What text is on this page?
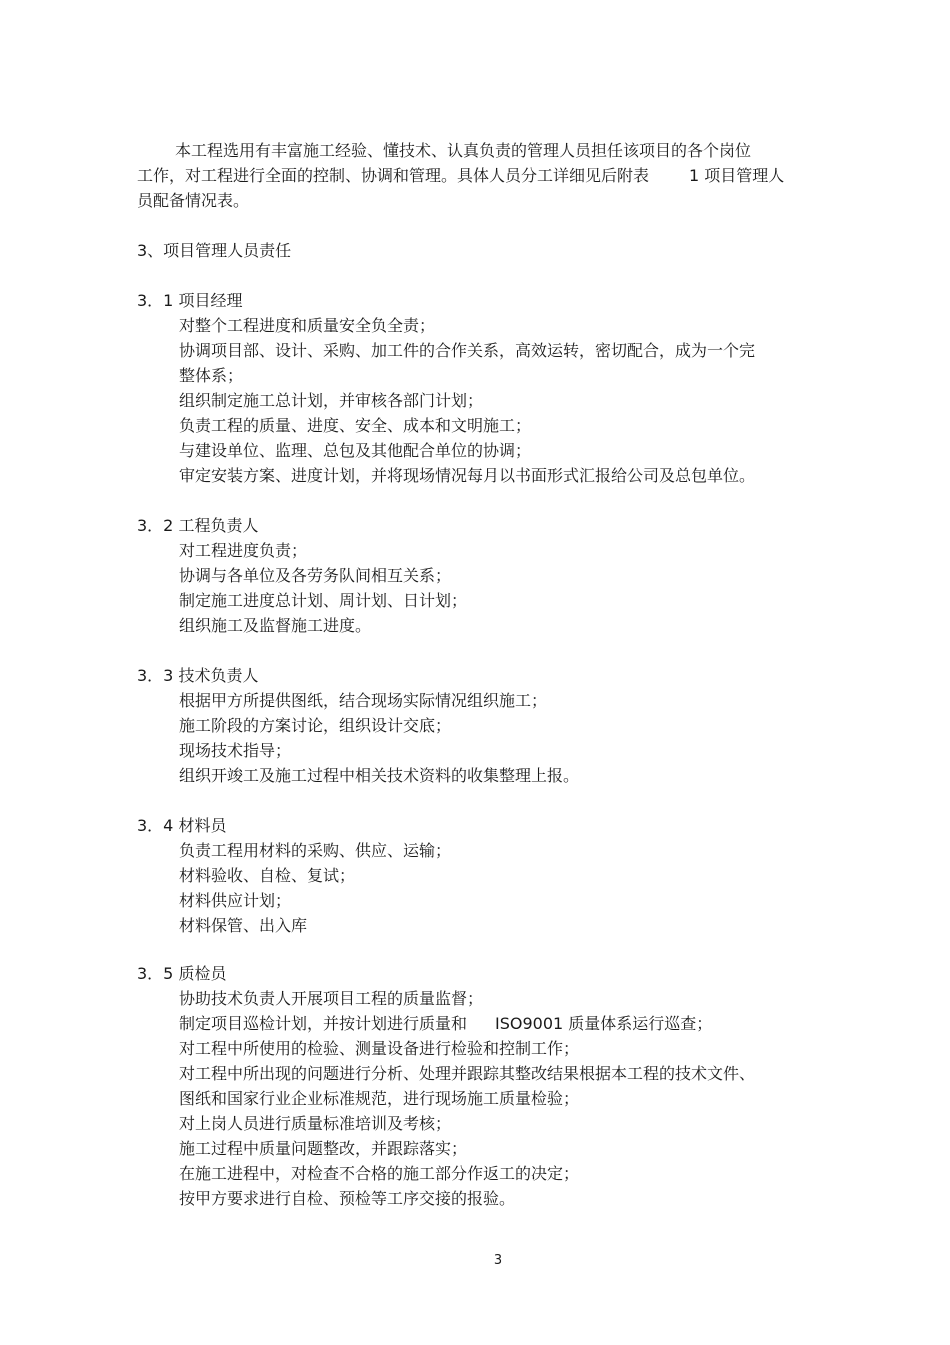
本工程选用有丰富施工经验、懂技术、认真负责的管理人员担任该项目的各个岗位
工作，对工程进行全面的控制、协调和管理。具体人员分工详细见后附表	1 项目管理人
员配备情况表。
3、项目管理人员责任
3．1 项目经理
对整个工程进度和质量安全负全责；
协调项目部、设计、采购、加工件的合作关系，高效运转，密切配合，成为一个完
整体系；
组织制定施工总计划，并审核各部门计划；
负责工程的质量、进度、安全、成本和文明施工；
与建设单位、监理、总包及其他配合单位的协调；
审定安装方案、进度计划，并将现场情况每月以书面形式汇报给公司及总包单位。
3．2 工程负责人
对工程进度负责；
协调与各单位及各劳务队间相互关系；
制定施工进度总计划、周计划、日计划；
组织施工及监督施工进度。
3．3 技术负责人
根据甲方所提供图纸，结合现场实际情况组织施工；
施工阶段的方案讨论，组织设计交底；
现场技术指导；
组织开竣工及施工过程中相关技术资料的收集整理上报。
3．4 材料员
负责工程用材料的采购、供应、运输；
材料验收、自检、复试；
材料供应计划；
材料保管、出入库
3．5 质检员
协助技术负责人开展项目工程的质量监督；
制定项目巡检计划，并按计划进行质量和 ISO9001 质量体系运行巡查；
对工程中所使用的检验、测量设备进行检验和控制工作；
对工程中所出现的问题进行分析、处理并跟踪其整改结果根据本工程的技术文件、
图纸和国家行业企业标准规范，进行现场施工质量检验；
对上岗人员进行质量标准培训及考核；
施工过程中质量问题整改，并跟踪落实；
在施工进程中，对检查不合格的施工部分作返工的决定；
按甲方要求进行自检、预检等工序交接的报验。
3
